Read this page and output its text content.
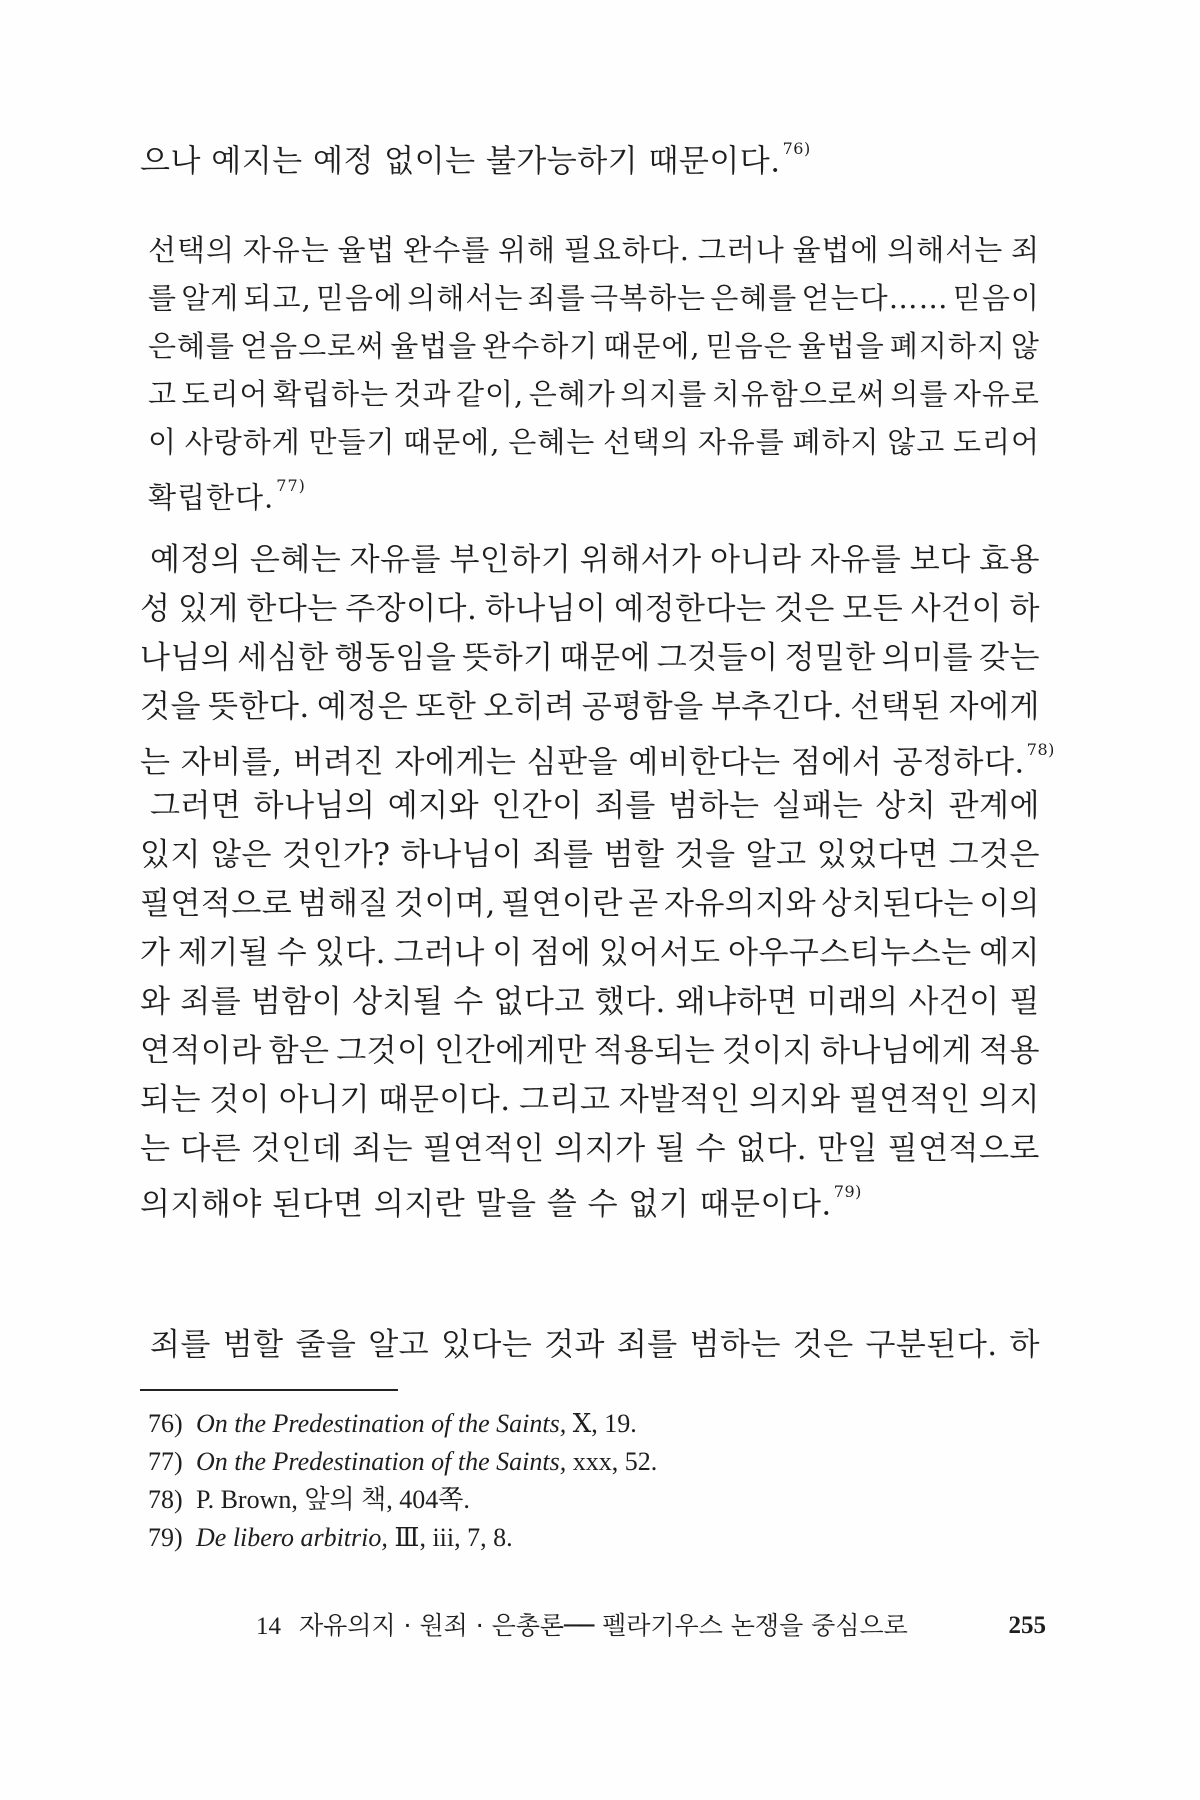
으나 예지는 예정 없이는 불가능하기 때문이다. $^{76)}$
선택의 자유는 율법 완수를 위해 필요하다. 그러나 율법에 의해서는 죄
를 알게 되고, 믿음에 의해서는 죄를 극복하는 은혜를 얻는다…… 믿음이
은혜를 얻음으로써 율법을 완수하기 때문에, 믿음은 율법을 폐지하지 않
고 도리어 확립하는 것과 같이, 은혜가 의지를 치유함으로써 의를 자유로
이 사랑하게 만들기 때문에, 은혜는 선택의 자유를 폐하지 않고 도리어
확립한다. $^{77)}$
예정의 은혜는 자유를 부인하기 위해서가 아니라 자유를 보다 효용
성 있게 한다는 주장이다. 하나님이 예정한다는 것은 모든 사건이 하
나님의 세심한 행동임을 뜻하기 때문에 그것들이 정밀한 의미를 갖는
것을 뜻한다. 예정은 또한 오히려 공평함을 부추긴다. 선택된 자에게
는 자비를, 버려진 자에게는 심판을 예비한다는 점에서 공정하다. $^{78)}$
그러면 하나님의 예지와 인간이 죄를 범하는 실패는 상치 관계에
있지 않은 것인가? 하나님이 죄를 범할 것을 알고 있었다면 그것은
필연적으로 범해질 것이며, 필연이란 곧 자유의지와 상치된다는 이의
가 제기될 수 있다. 그러나 이 점에 있어서도 아우구스티누스는 예지
와 죄를 범함이 상치될 수 없다고 했다. 왜냐하면 미래의 사건이 필
연적이라 함은 그것이 인간에게만 적용되는 것이지 하나님에게 적용
되는 것이 아니기 때문이다. 그리고 자발적인 의지와 필연적인 의지
는 다른 것인데 죄는 필연적인 의지가 될 수 없다. 만일 필연적으로
의지해야 된다면 의지란 말을 쓸 수 없기 때문이다. $^{79)}$
죄를 범할 줄을 알고 있다는 것과 죄를 범하는 것은 구분된다. 하
76) On the Predestination of the Saints, Ⅹ, 19.
77) On the Predestination of the Saints, xxx, 52.
78) P. Brown, 앞의 책, 404쪽.
79) De libero arbitrio, Ⅲ, iii, 7, 8.
14 자유의지 · 원죄 · 은총론── 펠라기우스 논쟁을 중심으로	255
